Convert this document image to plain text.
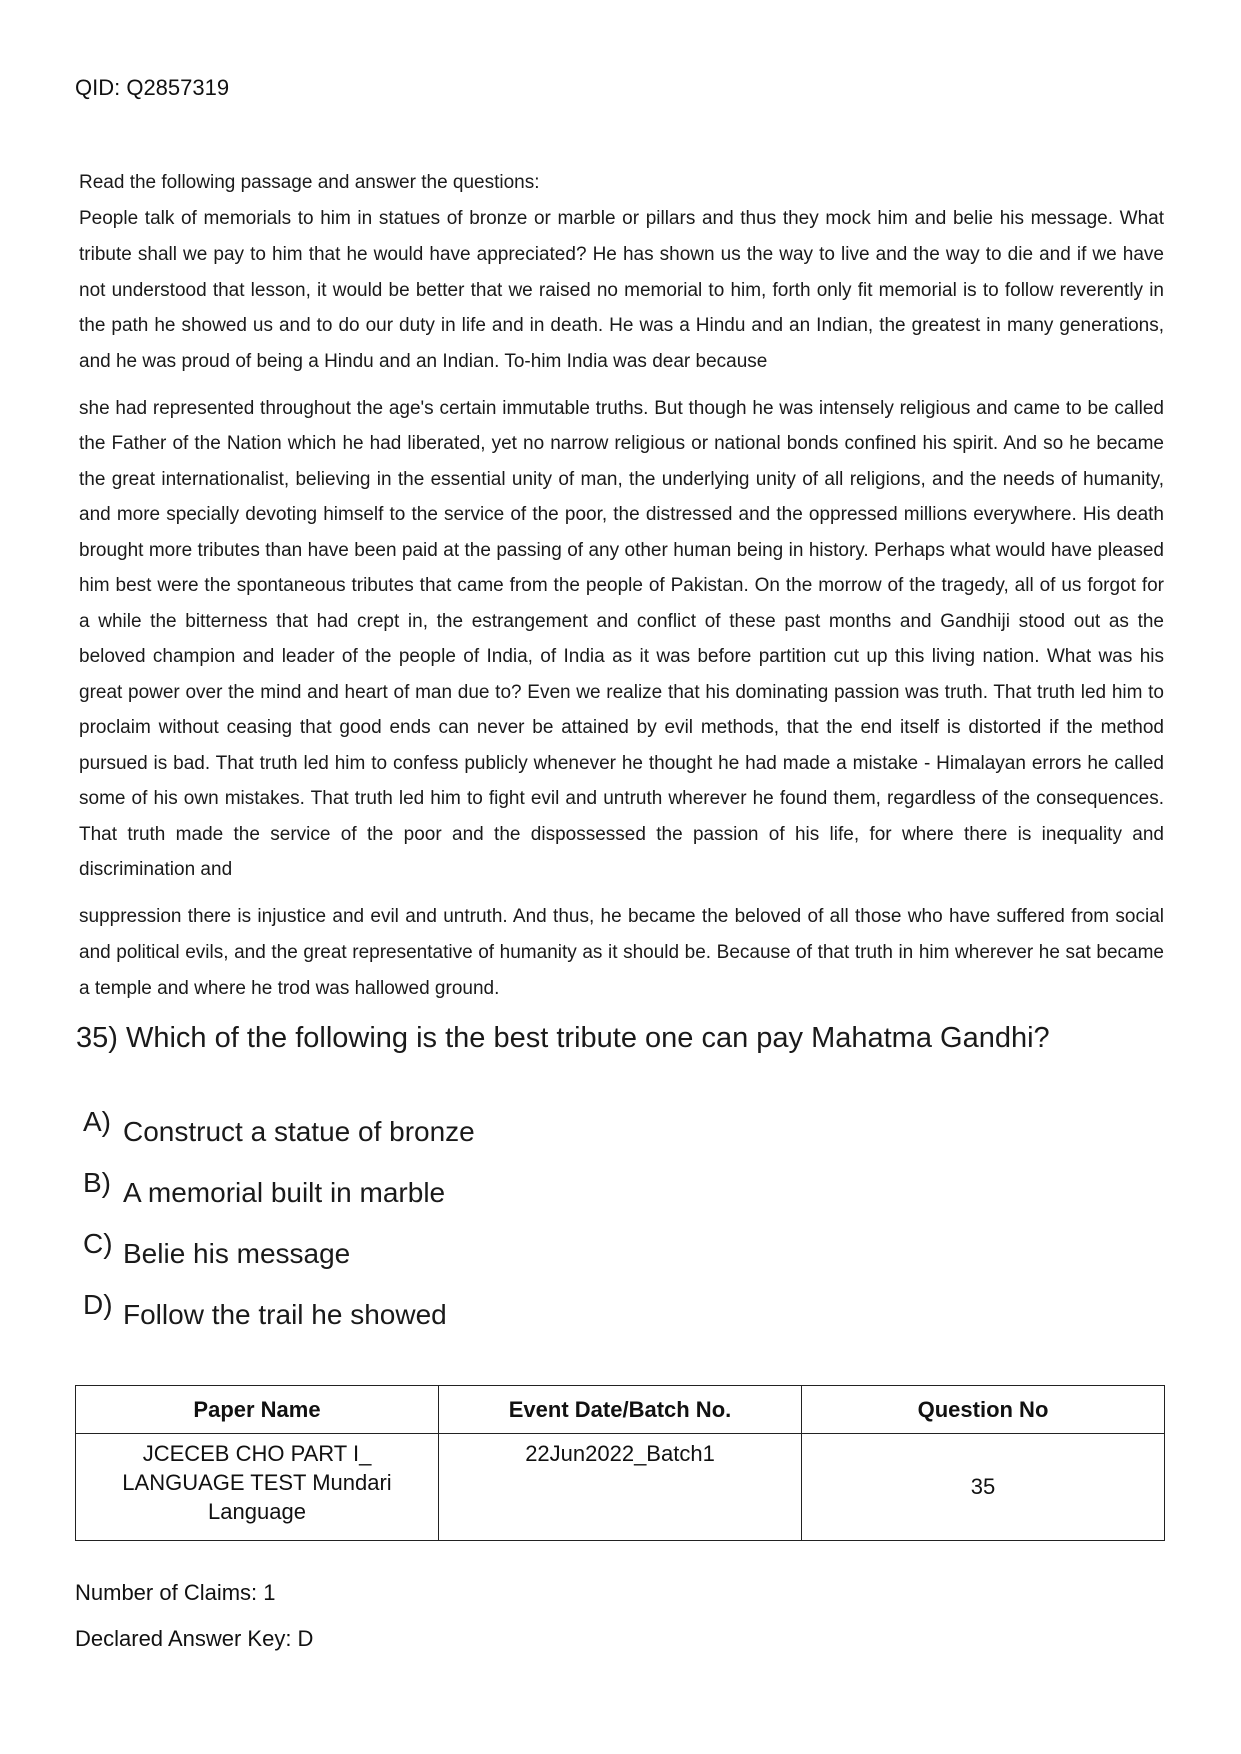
QID: Q2857319

Read the following passage and answer the questions:

People talk of memorials to him in statues of bronze or marble or pillars and thus they mock him and belie his message. What tribute shall we pay to him that he would have appreciated? He has shown us the way to live and the way to die and if we have not understood that lesson, it would be better that we raised no memorial to him, forth only fit memorial is to follow reverently in the path he showed us and to do our duty in life and in death. He was a Hindu and an Indian, the greatest in many generations, and he was proud of being a Hindu and an Indian. To-him India was dear because

she had represented throughout the age's certain immutable truths. But though he was intensely religious and came to be called the Father of the Nation which he had liberated, yet no narrow religious or national bonds confined his spirit. And so he became the great internationalist, believing in the essential unity of man, the underlying unity of all religions, and the needs of humanity, and more specially devoting himself to the service of the poor, the distressed and the oppressed millions everywhere. His death brought more tributes than have been paid at the passing of any other human being in history. Perhaps what would have pleased him best were the spontaneous tributes that came from the people of Pakistan. On the morrow of the tragedy, all of us forgot for a while the bitterness that had crept in, the estrangement and conflict of these past months and Gandhiji stood out as the beloved champion and leader of the people of India, of India as it was before partition cut up this living nation. What was his great power over the mind and heart of man due to? Even we realize that his dominating passion was truth. That truth led him to proclaim without ceasing that good ends can never be attained by evil methods, that the end itself is distorted if the method pursued is bad. That truth led him to confess publicly whenever he thought he had made a mistake - Himalayan errors he called some of his own mistakes. That truth led him to fight evil and untruth wherever he found them, regardless of the consequences. That truth made the service of the poor and the dispossessed the passion of his life, for where there is inequality and discrimination and

suppression there is injustice and evil and untruth. And thus, he became the beloved of all those who have suffered from social and political evils, and the great representative of humanity as it should be. Because of that truth in him wherever he sat became a temple and where he trod was hallowed ground.

35) Which of the following is the best tribute one can pay Mahatma Gandhi?
A) Construct a statue of bronze
B) A memorial built in marble
C) Belie his message
D) Follow the trail he showed
Paper Name	Event Date/Batch No.	Question No

JCECEB CHO PART I_
LANGUAGE TEST Mundari
Language	22Jun2022_Batch1	35
Number of Claims: 1
Declared Answer Key: D
